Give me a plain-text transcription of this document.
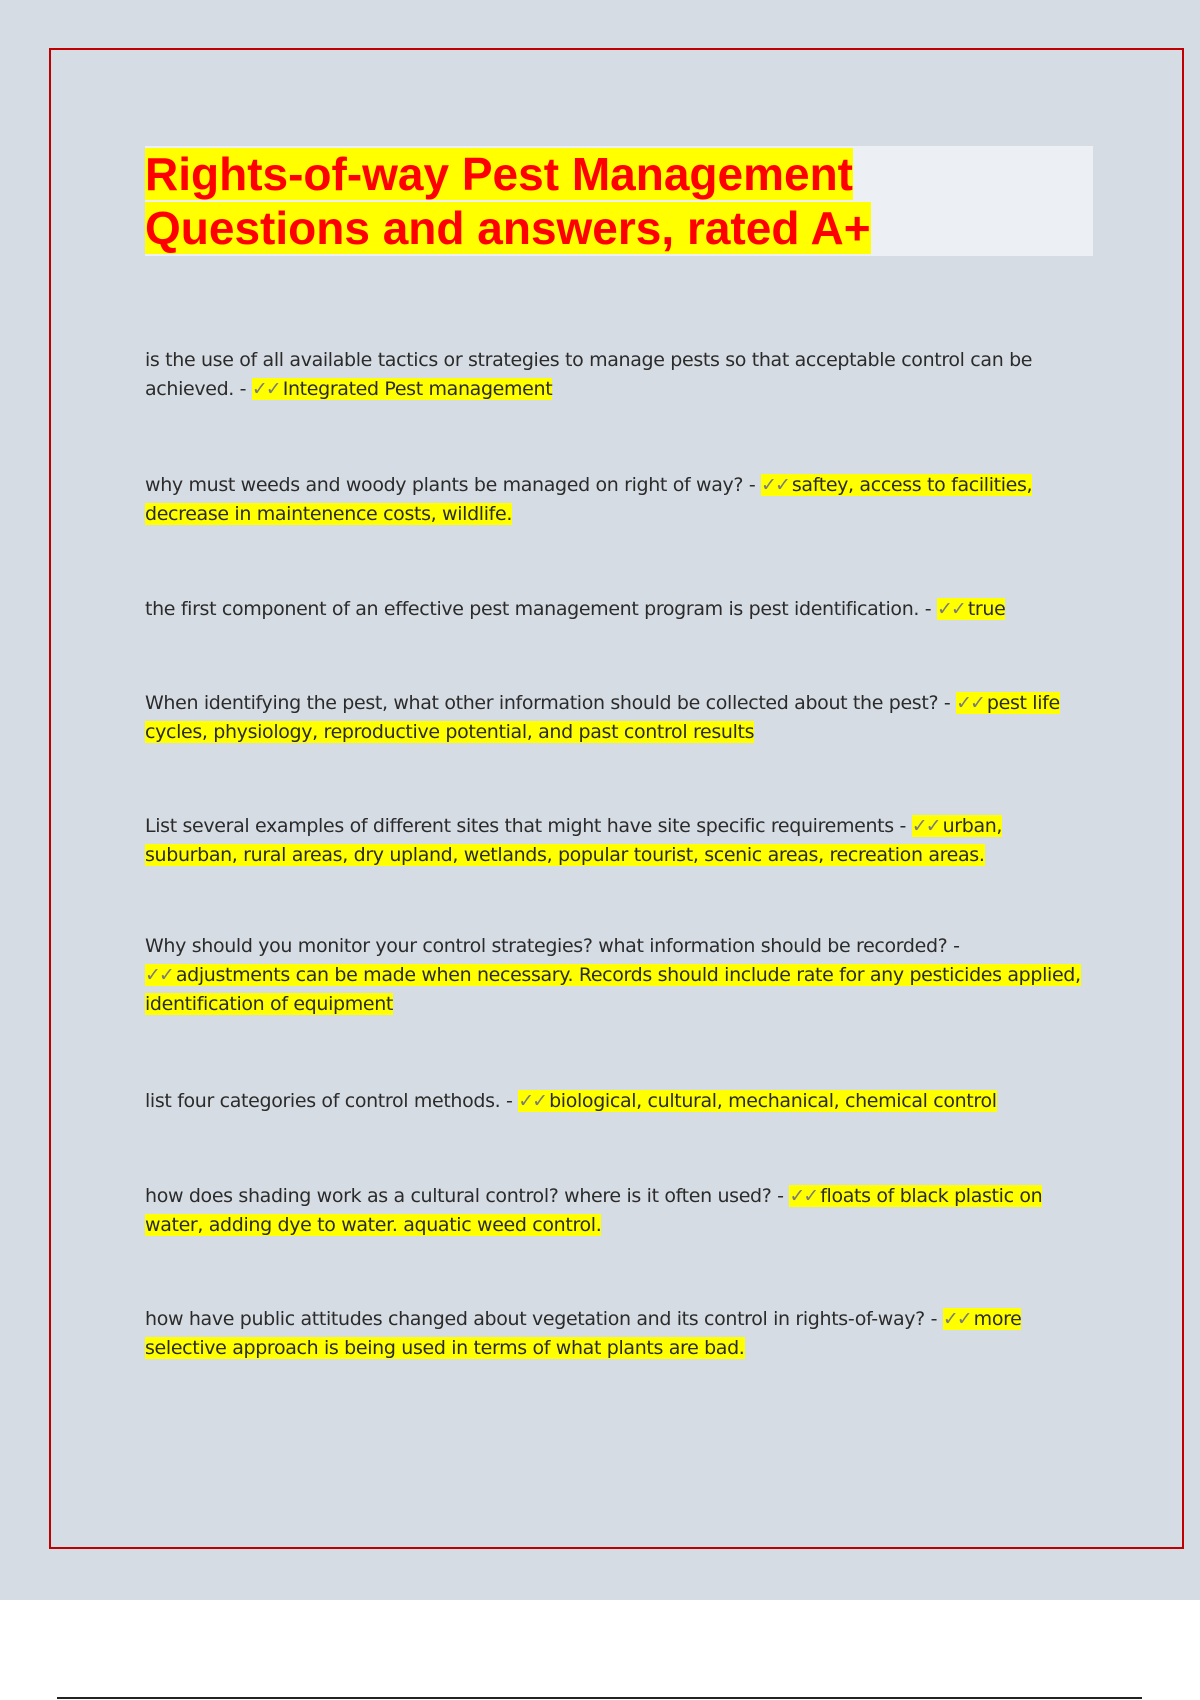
Rights-of-way Pest Management
Questions and answers, rated A+

is the use of all available tactics or strategies to manage pests so that acceptable control can be achieved. - ✓✓ Integrated Pest management

why must weeds and woody plants be managed on right of way? - ✓✓ saftey, access to facilities, decrease in maintenence costs, wildlife.

the first component of an effective pest management program is pest identification. - ✓✓ true

When identifying the pest, what other information should be collected about the pest? - ✓✓ pest life cycles, physiology, reproductive potential, and past control results

List several examples of different sites that might have site specific requirements - ✓✓ urban, suburban, rural areas, dry upland, wetlands, popular tourist, scenic areas, recreation areas.

Why should you monitor your control strategies? what information should be recorded? - ✓✓ adjustments can be made when necessary. Records should include rate for any pesticides applied, identification of equipment

list four categories of control methods. - ✓✓ biological, cultural, mechanical, chemical control

how does shading work as a cultural control? where is it often used? - ✓✓ floats of black plastic on water, adding dye to water. aquatic weed control.

how have public attitudes changed about vegetation and its control in rights-of-way? - ✓✓ more selective approach is being used in terms of what plants are bad.
